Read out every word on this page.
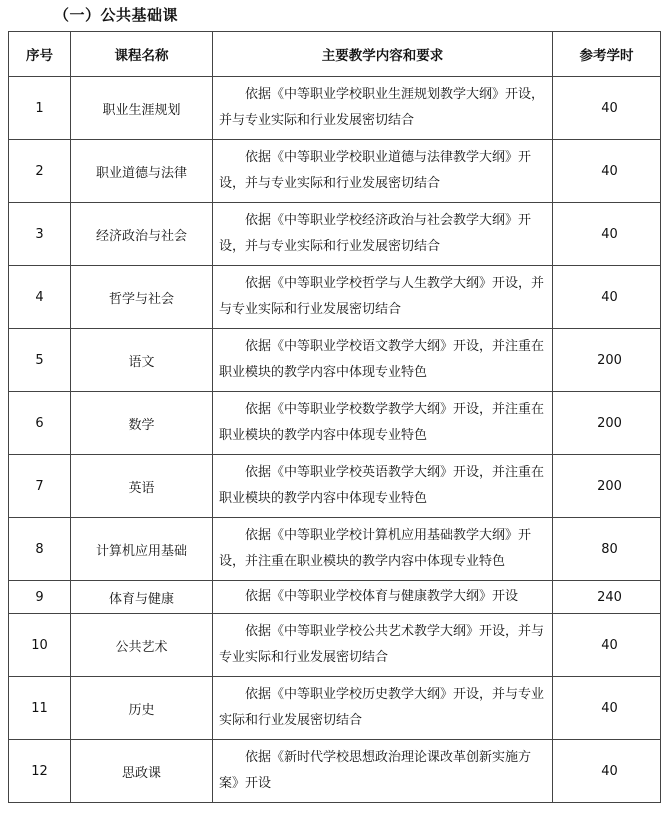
（一）公共基础课
序号	课程名称	主要教学内容和要求	参考学时
1	职业生涯规划	依据《中等职业学校职业生涯规划教学大纲》开设，并与专业实际和行业发展密切结合	40
2	职业道德与法律	依据《中等职业学校职业道德与法律教学大纲》开设，并与专业实际和行业发展密切结合	40
3	经济政治与社会	依据《中等职业学校经济政治与社会教学大纲》开设，并与专业实际和行业发展密切结合	40
4	哲学与社会	依据《中等职业学校哲学与人生教学大纲》开设，并与专业实际和行业发展密切结合	40
5	语文	依据《中等职业学校语文教学大纲》开设，并注重在职业模块的教学内容中体现专业特色	200
6	数学	依据《中等职业学校数学教学大纲》开设，并注重在职业模块的教学内容中体现专业特色	200
7	英语	依据《中等职业学校英语教学大纲》开设，并注重在职业模块的教学内容中体现专业特色	200
8	计算机应用基础	依据《中等职业学校计算机应用基础教学大纲》开设，并注重在职业模块的教学内容中体现专业特色	80
9	体育与健康	依据《中等职业学校体育与健康教学大纲》开设	240
10	公共艺术	依据《中等职业学校公共艺术教学大纲》开设，并与专业实际和行业发展密切结合	40
11	历史	依据《中等职业学校历史教学大纲》开设，并与专业实际和行业发展密切结合	40
12	思政课	依据《新时代学校思想政治理论课改革创新实施方案》开设	40
